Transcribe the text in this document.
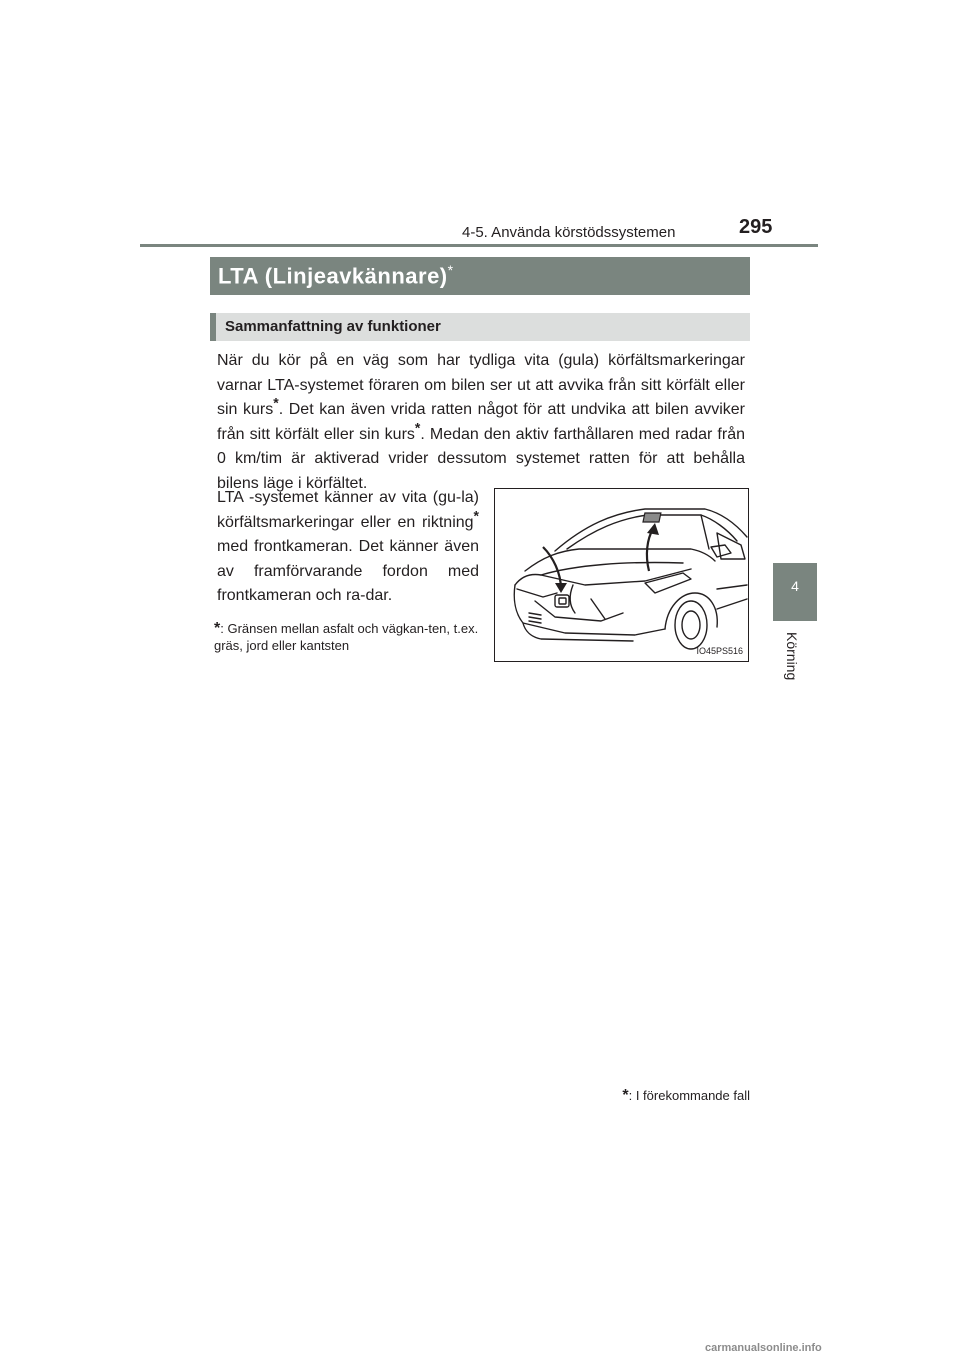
4-5. Använda körstödssystemen	295
4
Körning
LTA (Linjeavkännare)*
Sammanfattning av funktioner
När du kör på en väg som har tydliga vita (gula) körfältsmarkeringar varnar LTA-systemet föraren om bilen ser ut att avvika från sitt körfält eller sin kurs*. Det kan även vrida ratten något för att undvika att bilen avviker från sitt körfält eller sin kurs*. Medan den aktiv farthållaren med radar från 0 km/tim är aktiverad vrider dessutom systemet ratten för att behålla bilens läge i körfältet.
LTA -systemet känner av vita (gu-la) körfältsmarkeringar eller en riktning* med frontkameran. Det känner även av framförvarande fordon med frontkameran och ra-dar.
*: Gränsen mellan asfalt och vägkan-ten, t.ex. gräs, jord eller kantsten	IO45PS516
*: I förekommande fall
carmanualsonline.info
